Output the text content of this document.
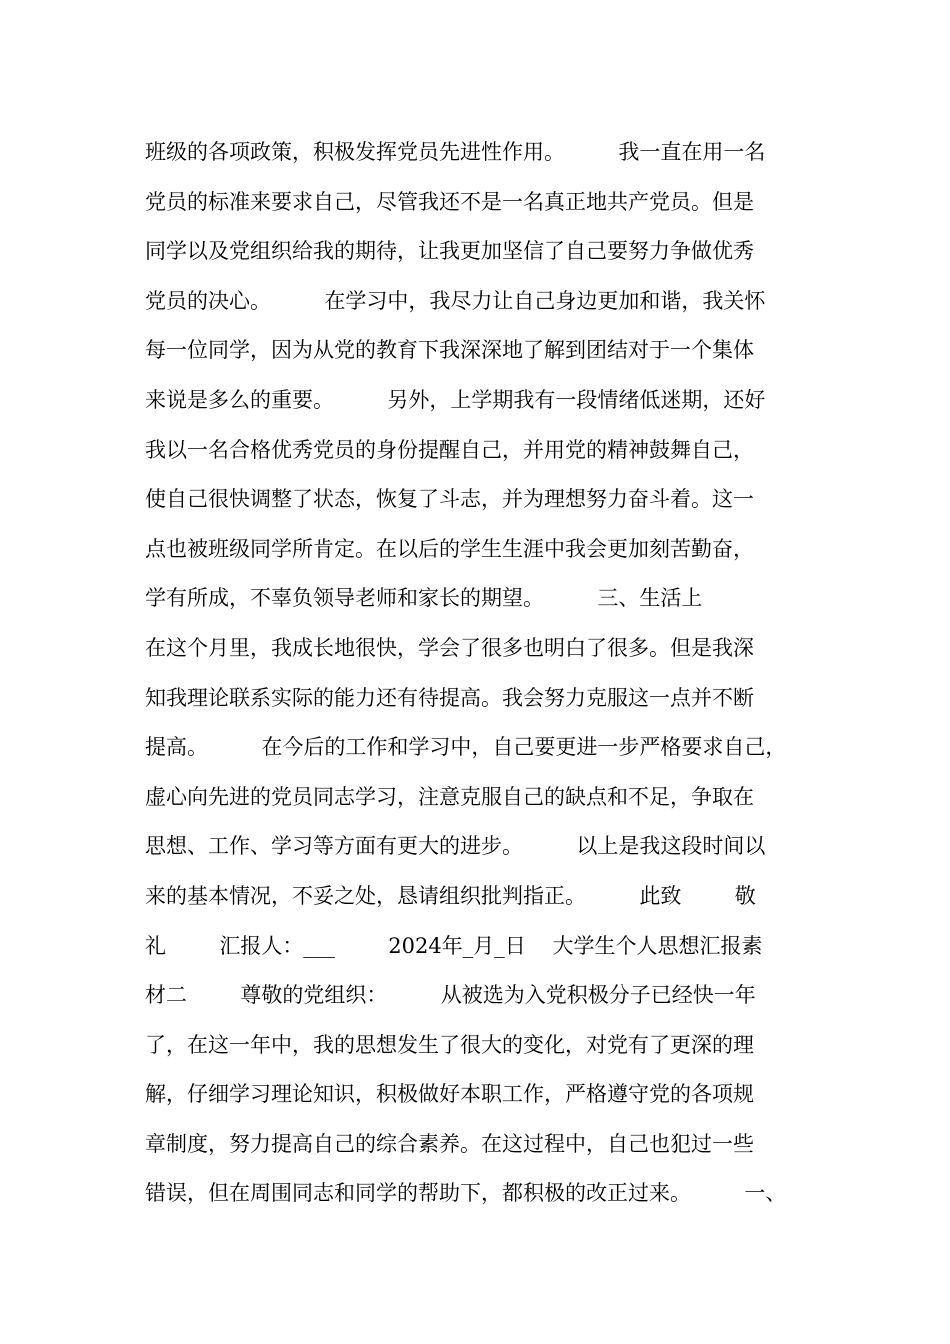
班级的各项政策，积极发挥党员先进性作用。        我一直在用一名
党员的标准来要求自己，尽管我还不是一名真正地共产党员。但是
同学以及党组织给我的期待，让我更加坚信了自己要努力争做优秀
党员的决心。        在学习中，我尽力让自己身边更加和谐，我关怀
每一位同学，因为从党的教育下我深深地了解到团结对于一个集体
来说是多么的重要。        另外，上学期我有一段情绪低迷期，还好
我以一名合格优秀党员的身份提醒自己，并用党的精神鼓舞自己，
使自己很快调整了状态，恢复了斗志，并为理想努力奋斗着。这一
点也被班级同学所肯定。在以后的学生生涯中我会更加刻苦勤奋，
学有所成，不辜负领导老师和家长的期望。        三、生活上
在这个月里，我成长地很快，学会了很多也明白了很多。但是我深
知我理论联系实际的能力还有待提高。我会努力克服这一点并不断
提高。        在今后的工作和学习中，自己要更进一步严格要求自己，
虚心向先进的党员同志学习，注意克服自己的缺点和不足，争取在
思想、工作、学习等方面有更大的进步。        以上是我这段时间以
来的基本情况，不妥之处，恳请组织批判指正。        此致        敬
礼        汇报人：___        2024年_月_日    大学生个人思想汇报素
材二        尊敬的党组织：        从被选为入党积极分子已经快一年
了，在这一年中，我的思想发生了很大的变化，对党有了更深的理
解，仔细学习理论知识，积极做好本职工作，严格遵守党的各项规
章制度，努力提高自己的综合素养。在这过程中，自己也犯过一些
错误，但在周围同志和同学的帮助下，都积极的改正过来。        一、
